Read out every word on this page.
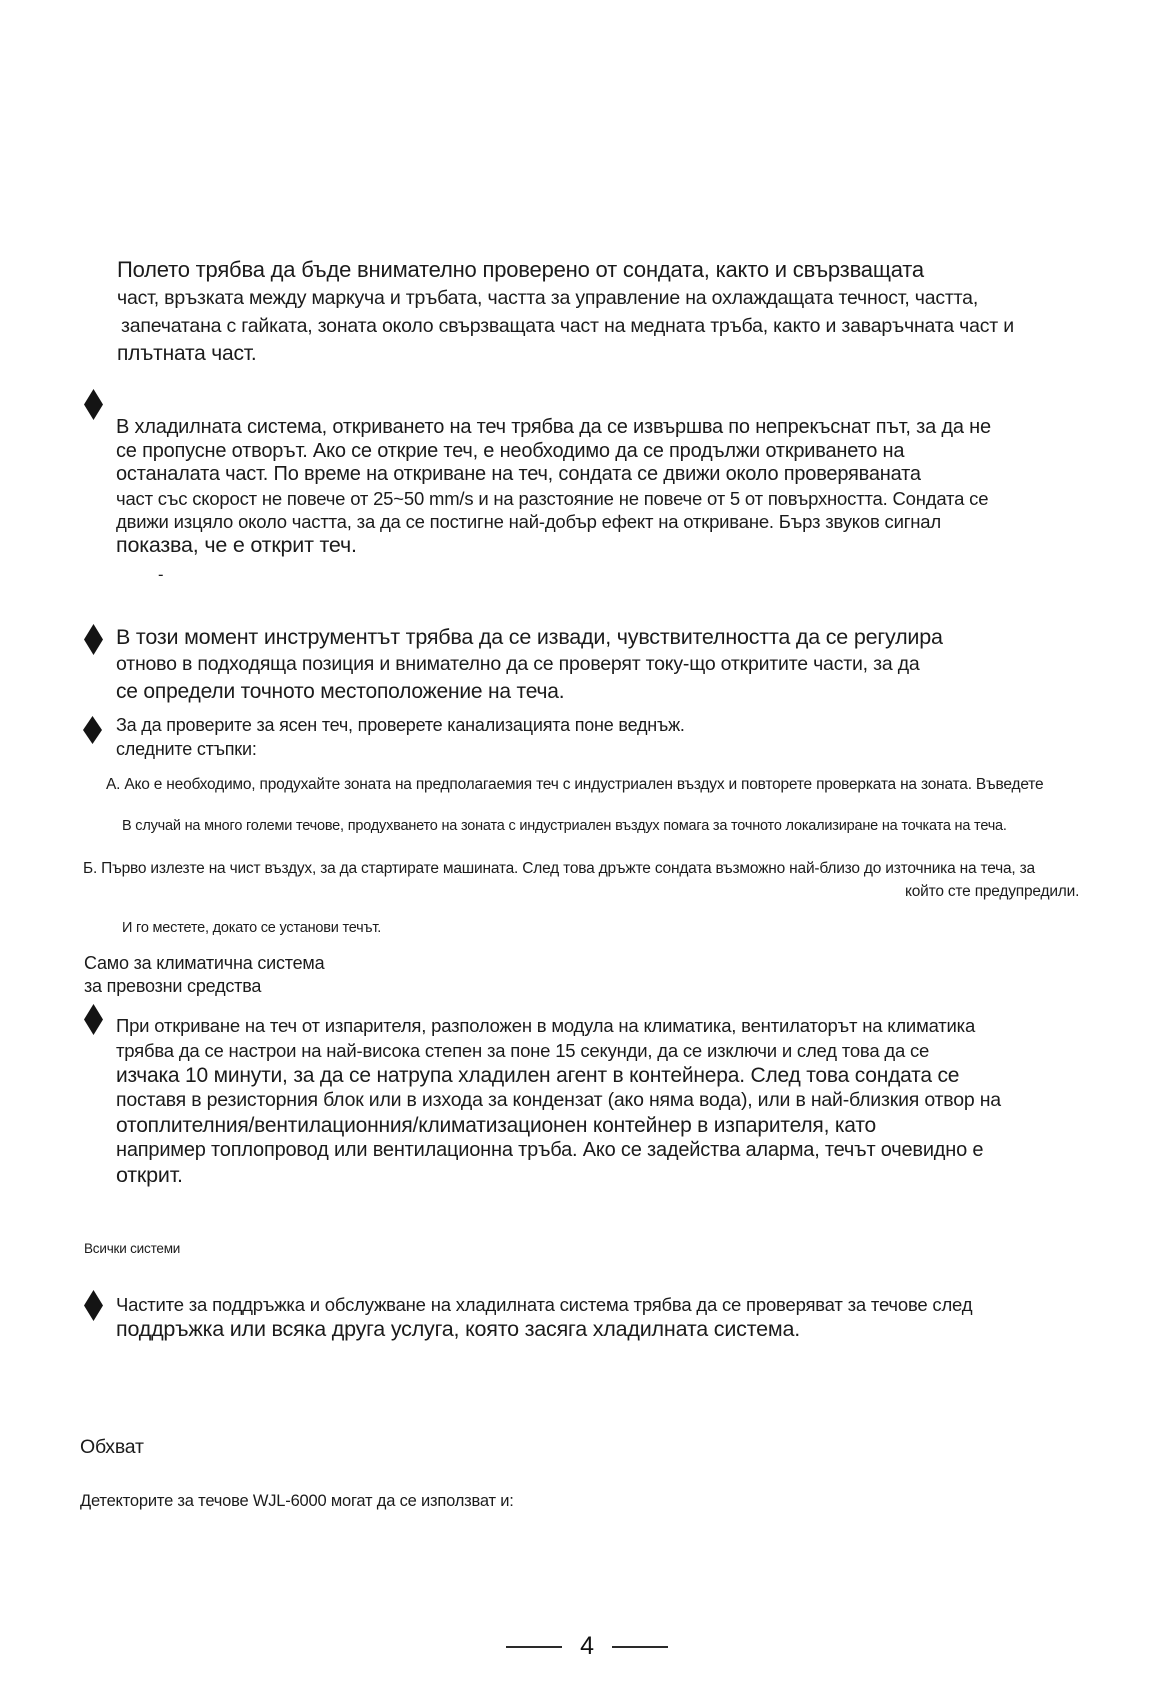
Полето трябва да бъде внимателно проверено от сондата, както и свързващата
част, връзката между маркуча и тръбата, частта за управление на охлаждащата течност, частта,
запечатана с гайката, зоната около свързващата част на медната тръба, както и заваръчната част и
плътната част.
В хладилната система, откриването на теч трябва да се извършва по непрекъснат път, за да не
се пропусне отворът. Ако се открие теч, е необходимо да се продължи откриването на
останалата част. По време на откриване на теч, сондата се движи около проверяваната
част със скорост не повече от 25~50 mm/s и на разстояние не повече от 5 от повърхността. Сондата се
движи изцяло около частта, за да се постигне най-добър ефект на откриване. Бърз звуков сигнал
показва, че е открит теч.
-
В този момент инструментът трябва да се извади, чувствителността да се регулира
отново в подходяща позиция и внимателно да се проверят току-що откритите части, за да
се определи точното местоположение на теча.
За да проверите за ясен теч, проверете канализацията поне веднъж.
следните стъпки:
А. Ако е необходимо, продухайте зоната на предполагаемия теч с индустриален въздух и повторете проверката на зоната. Въведете
В случай на много големи течове, продухването на зоната с индустриален въздух помага за точното локализиране на точката на теча.
Б. Първо излезте на чист въздух, за да стартирате машината. След това дръжте сондата възможно най-близо до източника на теча, за
който сте предупредили.
И го местете, докато се установи течът.
Само за климатична система
за превозни средства
При откриване на теч от изпарителя, разположен в модула на климатика, вентилаторът на климатика
трябва да се настрои на най-висока степен за поне 15 секунди, да се изключи и след това да се
изчака 10 минути, за да се натрупа хладилен агент в контейнера. След това сондата се
поставя в резисторния блок или в изхода за кондензат (ако няма вода), или в най-близкия отвор на
отоплителния/вентилационния/климатизационен контейнер в изпарителя, като
например топлопровод или вентилационна тръба. Ако се задейства аларма, течът очевидно е
открит.
Всички системи
Частите за поддръжка и обслужване на хладилната система трябва да се проверяват за течове след
поддръжка или всяка друга услуга, която засяга хладилната система.
Обхват
Детекторите за течове WJL-6000 могат да се използват и:
4
